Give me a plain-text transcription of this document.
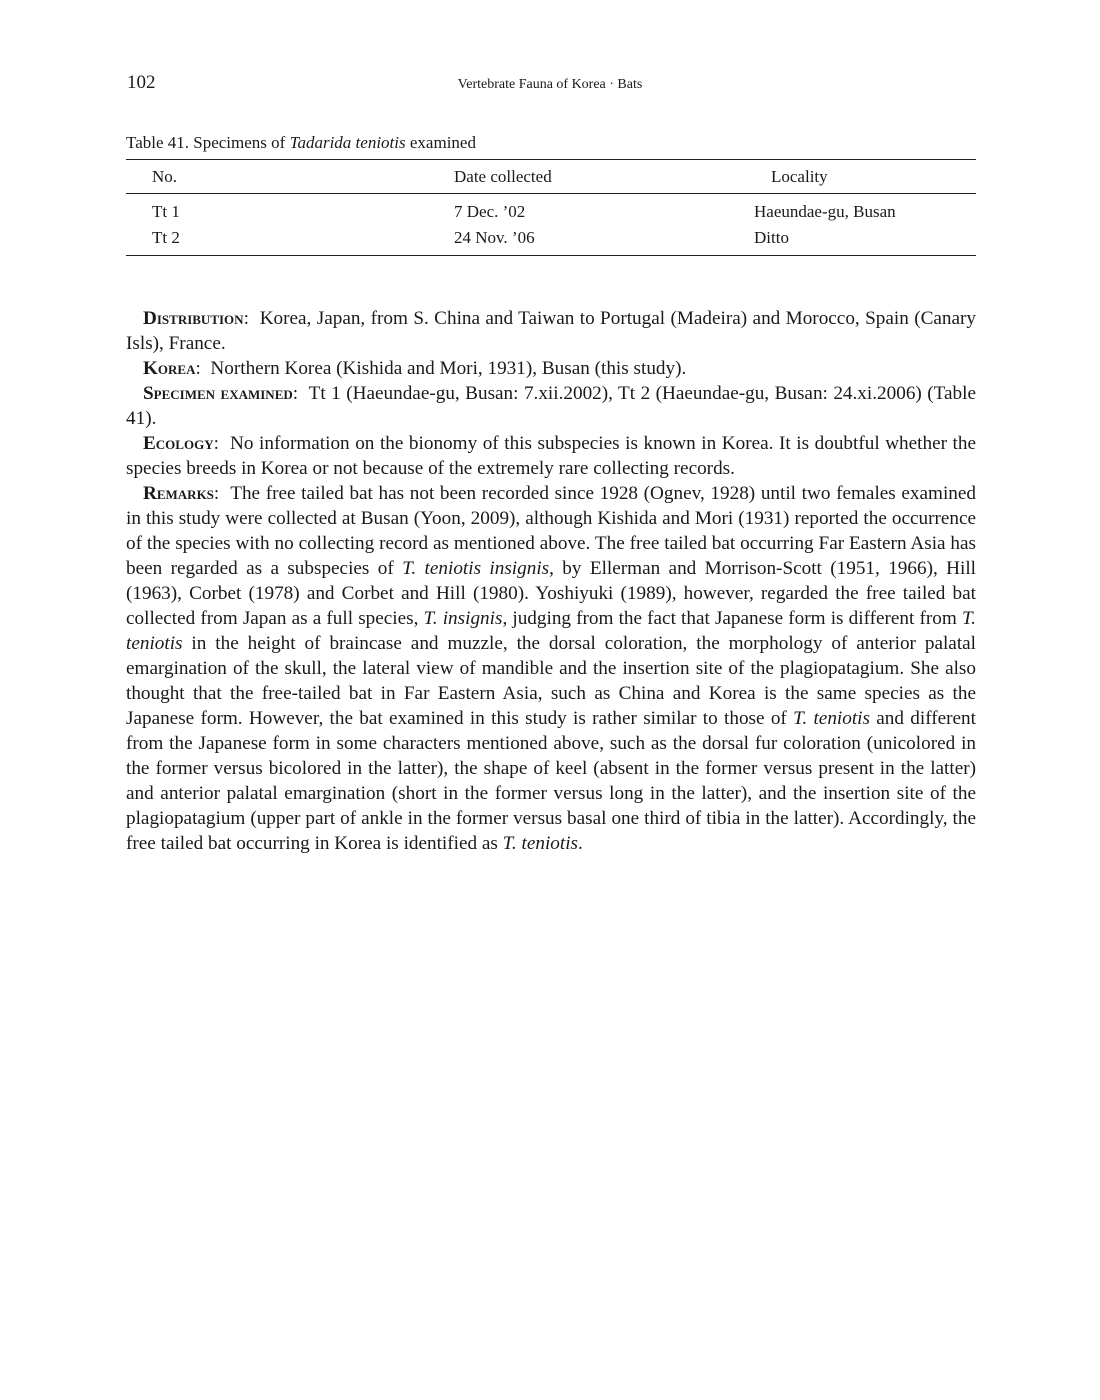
102	Vertebrate Fauna of Korea · Bats

Table 41. Specimens of Tadarida teniotis examined

No.	Date collected	Locality
Tt 1	7 Dec. ’02	Haeundae-gu, Busan
Tt 2	24 Nov. ’06	Ditto

Distribution:  Korea, Japan, from S. China and Taiwan to Portugal (Madeira) and Morocco, Spain (Canary Isls), France.

Korea:  Northern Korea (Kishida and Mori, 1931), Busan (this study).

Specimen examined:  Tt 1 (Haeundae-gu, Busan: 7.xii.2002), Tt 2 (Haeundae-gu, Busan: 24.xi.2006) (Table 41).

Ecology:  No information on the bionomy of this subspecies is known in Korea. It is doubtful whether the species breeds in Korea or not because of the extremely rare collecting records.

Remarks:  The free tailed bat has not been recorded since 1928 (Ognev, 1928) until two females examined in this study were collected at Busan (Yoon, 2009), although Kishida and Mori (1931) reported the occurrence of the species with no collecting record as mentioned above. The free tailed bat occurring Far Eastern Asia has been regarded as a subspecies of T. teniotis insignis, by Ellerman and Morrison-Scott (1951, 1966), Hill (1963), Corbet (1978) and Corbet and Hill (1980). Yoshiyuki (1989), however, regarded the free tailed bat collected from Japan as a full species, T. insignis, judging from the fact that Japanese form is different from T. teniotis in the height of braincase and muzzle, the dorsal coloration, the morphology of anterior palatal emargination of the skull, the lateral view of mandible and the insertion site of the plagiopatagium. She also thought that the free-tailed bat in Far Eastern Asia, such as China and Korea is the same species as the Japanese form. However, the bat examined in this study is rather similar to those of T. teniotis and different from the Japanese form in some characters mentioned above, such as the dorsal fur coloration (unicolored in the former versus bicolored in the latter), the shape of keel (absent in the former versus present in the latter) and anterior palatal emargination (short in the former versus long in the latter), and the insertion site of the plagiopatagium (upper part of ankle in the former versus basal one third of tibia in the latter). Accordingly, the free tailed bat occurring in Korea is identified as T. teniotis.
